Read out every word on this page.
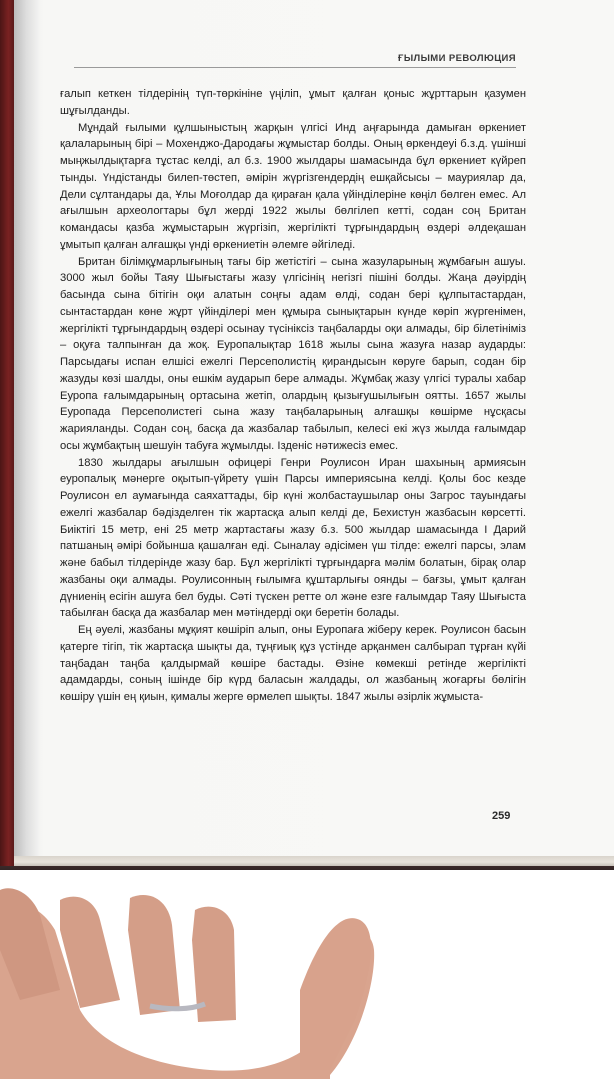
ҒЫЛЫМИ РЕВОЛЮЦИЯ

ғалып кеткен тілдерінің түп-төркініне үңіліп, ұмыт қалған қоныс жұрттарын қазумен шұғылданды.

Мұндай ғылыми құлшыныстың жарқын үлгісі Инд аңғарында дамыған өркениет қалаларының бірі – Мохенджо-Дародағы жұмыстар болды. Оның өркендеуі б.з.д. үшінші мыңжылдықтарға тұстас келді, ал б.з. 1900 жылдары шамасында бұл өркениет күйреп тынды. Үндістанды билеп-төстеп, әмірін жүргізгендердің ешқайсысы – мауриялар да, Дели сұлтандары да, Ұлы Моғолдар да қираған қала үйінділеріне көңіл бөлген емес. Ал ағылшын археологтары бұл жерді 1922 жылы бөлгілеп кетті, содан соң Британ командасы қазба жұмыстарын жүргізіп, жергілікті тұрғындардың өздері әлдеқашан ұмытып қалған алғашқы үнді өркениетін әлемге әйгіледі.

Британ білімқұмарлығының тағы бір жетістігі – сына жазуларының жұмбағын ашуы. 3000 жыл бойы Таяу Шығыстағы жазу үлгісінің негізгі пішіні болды. Жаңа дәуірдің басында сына бітігін оқи алатын соңғы адам өлді, содан бері құлпытастардан, сынтастардан көне жұрт үйінділері мен құмыра сынықтарын күнде көріп жүргенімен, жергілікті тұрғындардың өздері осынау түсініксіз таңбаларды оқи алмады, бір білетініміз – оқуға талпынған да жоқ. Еуропалықтар 1618 жылы сына жазуға назар аударды: Парсыдағы испан елшісі ежелгі Персеполистің қирандысын көруге барып, содан бір жазуды көзі шалды, оны ешкім аударып бере алмады. Жұмбақ жазу үлгісі туралы хабар Еуропа ғалымдарының ортасына жетіп, олардың қызығушылығын оятты. 1657 жылы Еуропада Персеполистегі сына жазу таңбаларының алғашқы көшірме нұсқасы жарияланды. Содан соң, басқа да жазбалар табылып, келесі екі жүз жылда ғалымдар осы жұмбақтың шешуін табуға жұмылды. Ізденіс нәтижесіз емес.

1830 жылдары ағылшын офицері Генри Роулисон Иран шахының армиясын еуропалық мәнерге оқытып-үйрету үшін Парсы империясына келді. Қолы бос кезде Роулисон ел аумағында саяхаттады, бір күні жолбастаушылар оны Загрос тауындағы ежелгі жазбалар бәдізделген тік жартасқа алып келді де, Бехистун жазбасын көрсетті. Биіктігі 15 метр, ені 25 метр жартастағы жазу б.з. 500 жылдар шамасында І Дарий патшаның әмірі бойынша қашалған еді. Сыналау әдісімен үш тілде: ежелгі парсы, элам және бабыл тілдерінде жазу бар. Бұл жергілікті тұрғындарға мәлім болатын, бірақ олар жазбаны оқи алмады. Роулисонның ғылымға құштарлығы оянды – бағзы, ұмыт қалған дүниенің есігін ашуға бел буды. Сәті түскен ретте ол және езге ғалымдар Таяу Шығыста табылған басқа да жазбалар мен мәтіндерді оқи беретін болады.

Ең әуелі, жазбаны мұқият көшіріп алып, оны Еуропаға жіберу керек. Роулисон басын қатерге тігіп, тік жартасқа шықты да, тұңғиық құз үстінде арқанмен салбырап тұрған күйі таңбадан таңба қалдырмай көшіре бастады. Өзіне көмекші ретінде жергілікті адамдарды, соның ішінде бір күрд баласын жалдады, ол жазбаның жоғарғы бөлігін көшіру үшін ең қиын, қималы жерге өрмелеп шықты. 1847 жылы әзірлік жұмыста-

259
